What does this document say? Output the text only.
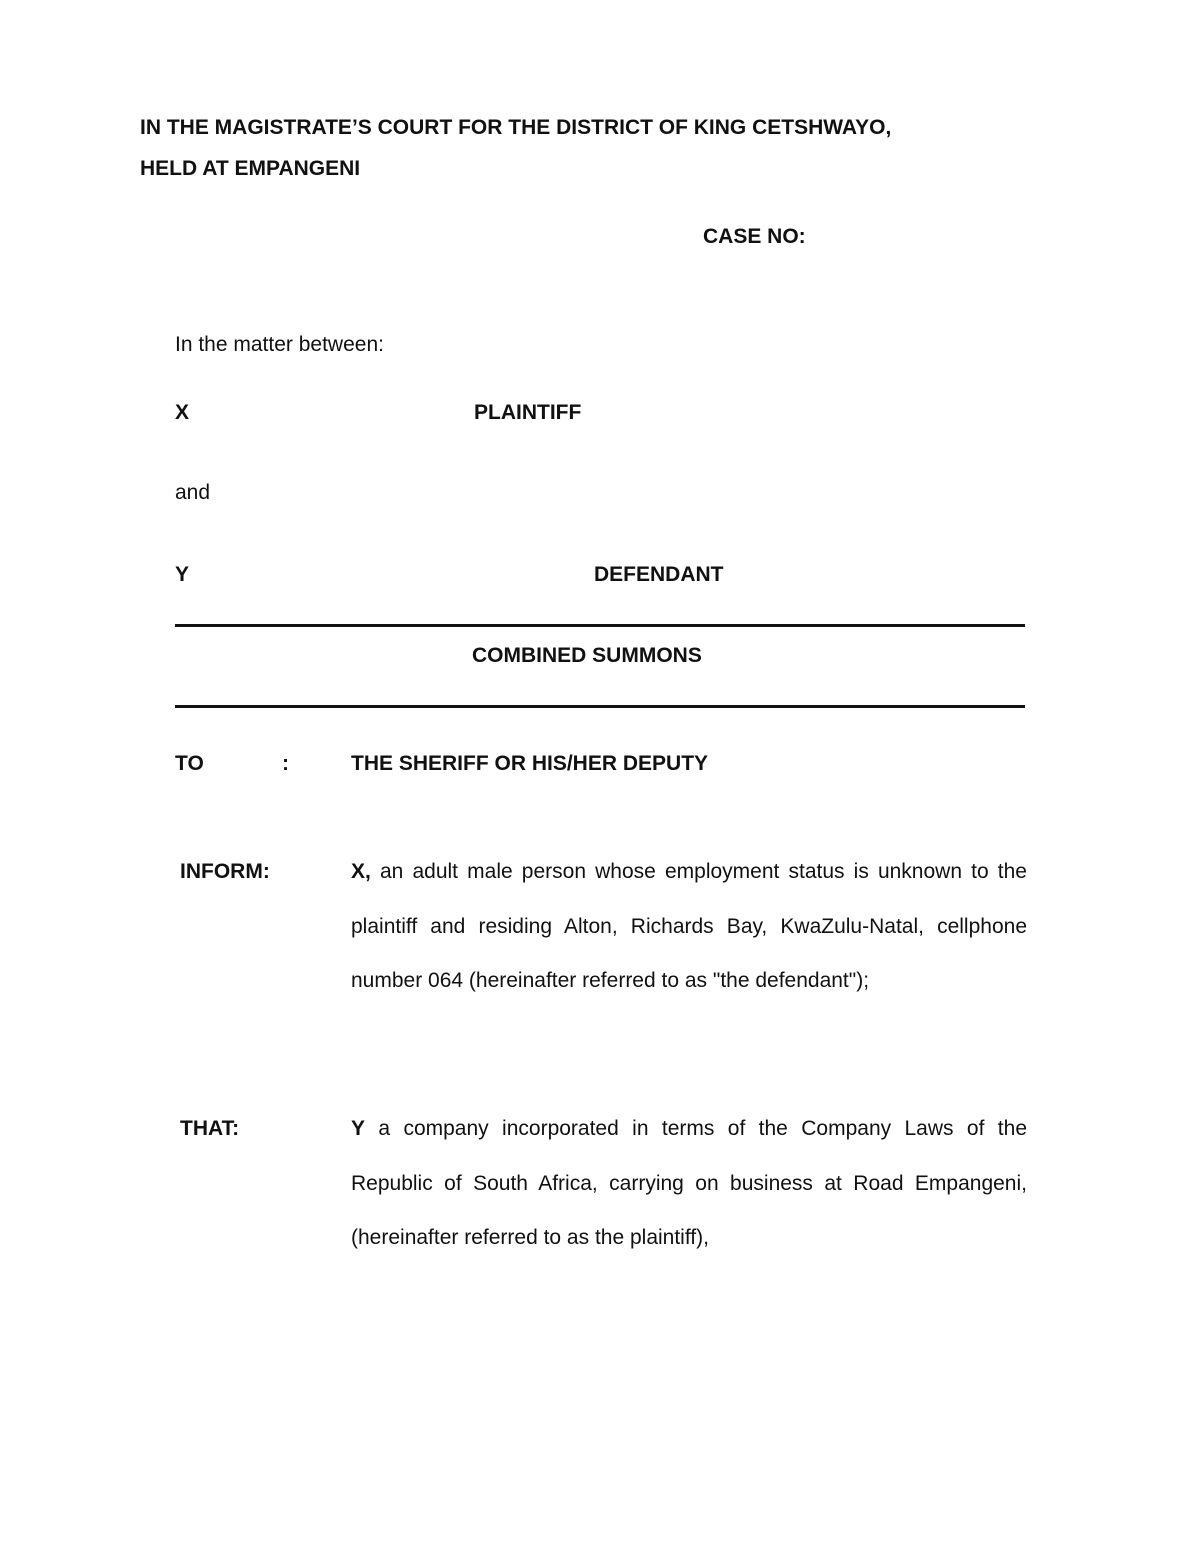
IN THE MAGISTRATE’S COURT FOR THE DISTRICT OF KING CETSHWAYO,
HELD AT EMPANGENI
CASE NO:
In the matter between:
X	PLAINTIFF
and
Y	DEFENDANT
COMBINED SUMMONS
TO	:	THE SHERIFF OR HIS/HER DEPUTY
INFORM:	X, an adult male person whose employment status is unknown to the plaintiff and residing Alton, Richards Bay, KwaZulu-Natal, cellphone number 064 (hereinafter referred to as "the defendant");
THAT:	Y a company incorporated in terms of the Company Laws of the Republic of South Africa, carrying on business at Road Empangeni, (hereinafter referred to as the plaintiff),
